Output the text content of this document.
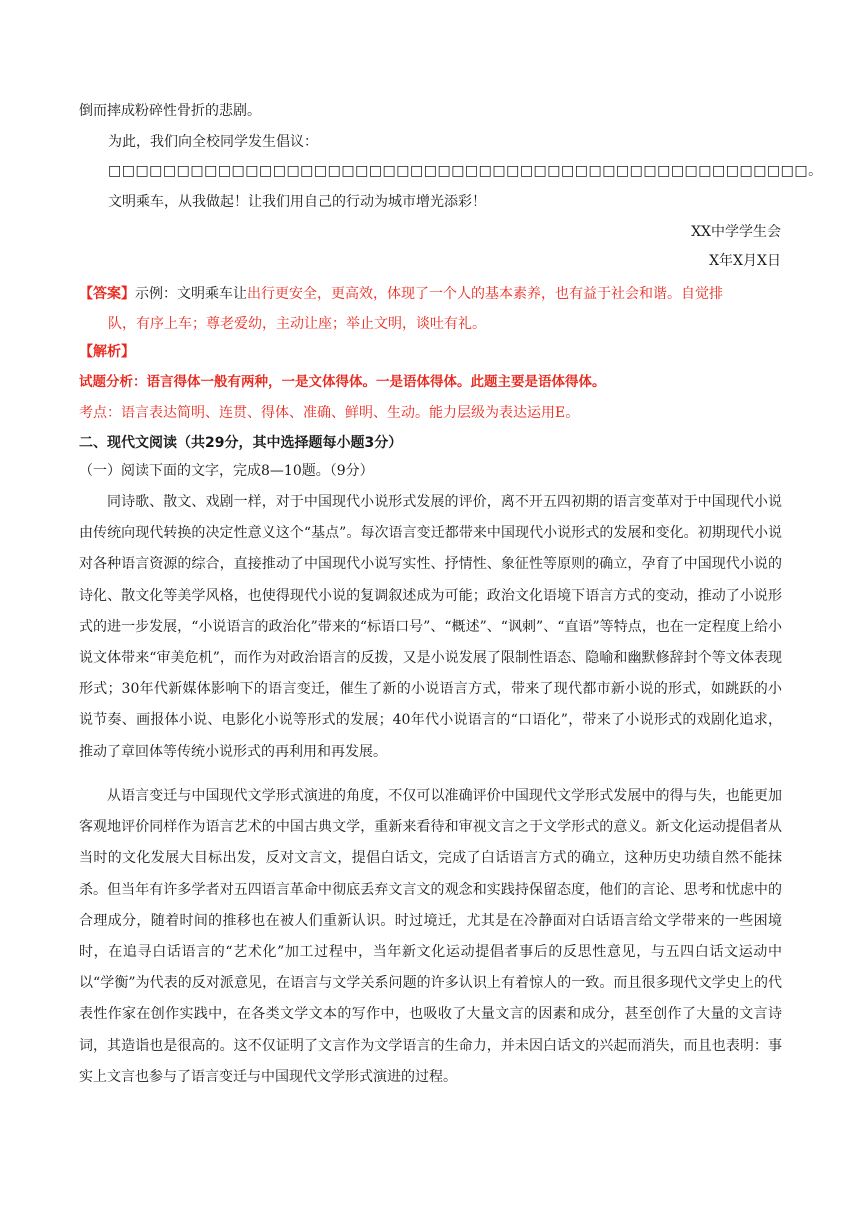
倒而摔成粉碎性骨折的悲剧。
为此，我们向全校同学发生倡议：
□□□□□□□□□□□□□□□□□□□□□□□□□□□□□□□□□□□□□□□□□□□□□□□□□□□。
文明乘车，从我做起！让我们用自己的行动为城市增光添彩！
XX中学学生会
X年X月X日
【答案】示例：文明乘车让出行更安全，更高效，体现了一个人的基本素养，也有益于社会和谐。自觉排
队，有序上车；尊老爱幼，主动让座；举止文明，谈吐有礼。
【解析】
试题分析：语言得体一般有两种，一是文体得体。一是语体得体。此题主要是语体得体。
考点：语言表达简明、连贯、得体、准确、鲜明、生动。能力层级为表达运用E。
二、现代文阅读（共29分，其中选择题每小题3分）
（一）阅读下面的文字，完成8—10题。（9分）
同诗歌、散文、戏剧一样，对于中国现代小说形式发展的评价，离不开五四初期的语言变革对于中国现代小说由传统向现代转换的决定性意义这个“基点”。每次语言变迁都带来中国现代小说形式的发展和变化。初期现代小说对各种语言资源的综合，直接推动了中国现代小说写实性、抒情性、象征性等原则的确立，孕育了中国现代小说的诗化、散文化等美学风格，也使得现代小说的复调叙述成为可能；政治文化语境下语言方式的变动，推动了小说形式的进一步发展，“小说语言的政治化”带来的“标语口号”、“概述”、“讽刺”、“直语”等特点，也在一定程度上给小说文体带来“审美危机”，而作为对政治语言的反拨，又是小说发展了限制性语态、隐喻和幽默修辞封个等文体表现形式；30年代新媒体影响下的语言变迁，催生了新的小说语言方式，带来了现代都市新小说的形式，如跳跃的小说节奏、画报体小说、电影化小说等形式的发展；40年代小说语言的“口语化”，带来了小说形式的戏剧化追求，推动了章回体等传统小说形式的再利用和再发展。
从语言变迁与中国现代文学形式演进的角度，不仅可以准确评价中国现代文学形式发展中的得与失，也能更加客观地评价同样作为语言艺术的中国古典文学，重新来看待和审视文言之于文学形式的意义。新文化运动提倡者从当时的文化发展大目标出发，反对文言文，提倡白话文，完成了白话语言方式的确立，这种历史功绩自然不能抹杀。但当年有许多学者对五四语言革命中彻底丢弃文言文的观念和实践持保留态度，他们的言论、思考和忧虑中的合理成分，随着时间的推移也在被人们重新认识。时过境迁，尤其是在冷静面对白话语言给文学带来的一些困境时，在追寻白话语言的“艺术化”加工过程中，当年新文化运动提倡者事后的反思性意见，与五四白话文运动中以“学衡”为代表的反对派意见，在语言与文学关系问题的许多认识上有着惊人的一致。而且很多现代文学史上的代表性作家在创作实践中，在各类文学文本的写作中，也吸收了大量文言的因素和成分，甚至创作了大量的文言诗词，其造诣也是很高的。这不仅证明了文言作为文学语言的生命力，并未因白话文的兴起而消失，而且也表明：事实上文言也参与了语言变迁与中国现代文学形式演进的过程。
